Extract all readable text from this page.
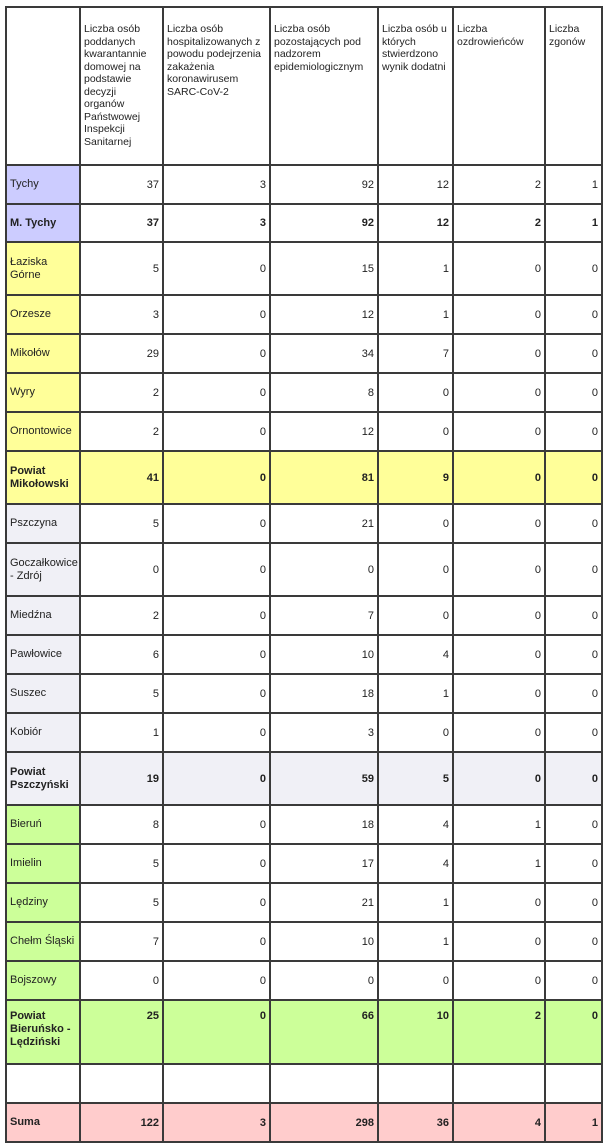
	Liczba osób poddanych kwarantannie domowej na podstawie decyzji organów Państwowej Inspekcji Sanitarnej	Liczba osób hospitalizowanych z powodu podejrzenia zakażenia koronawirusem SARC-CoV-2	Liczba osób pozostających pod nadzorem epidemiologicznym	Liczba osób u których stwierdzono wynik dodatni	Liczba ozdrowieńców	Liczba zgonów
Tychy	37	3	92	12	2	1
M. Tychy	37	3	92	12	2	1
Łaziska Górne	5	0	15	1	0	0
Orzesze	3	0	12	1	0	0
Mikołów	29	0	34	7	0	0
Wyry	2	0	8	0	0	0
Ornontowice	2	0	12	0	0	0
Powiat Mikołowski	41	0	81	9	0	0
Pszczyna	5	0	21	0	0	0
Goczałkowice - Zdrój	0	0	0	0	0	0
Miedźna	2	0	7	0	0	0
Pawłowice	6	0	10	4	0	0
Suszec	5	0	18	1	0	0
Kobiór	1	0	3	0	0	0
Powiat Pszczyński	19	0	59	5	0	0
Bieruń	8	0	18	4	1	0
Imielin	5	0	17	4	1	0
Lędziny	5	0	21	1	0	0
Chełm Śląski	7	0	10	1	0	0
Bojszowy	0	0	0	0	0	0
Powiat Bieruńsko - Lędziński	25	0	66	10	2	0

Suma	122	3	298	36	4	1
